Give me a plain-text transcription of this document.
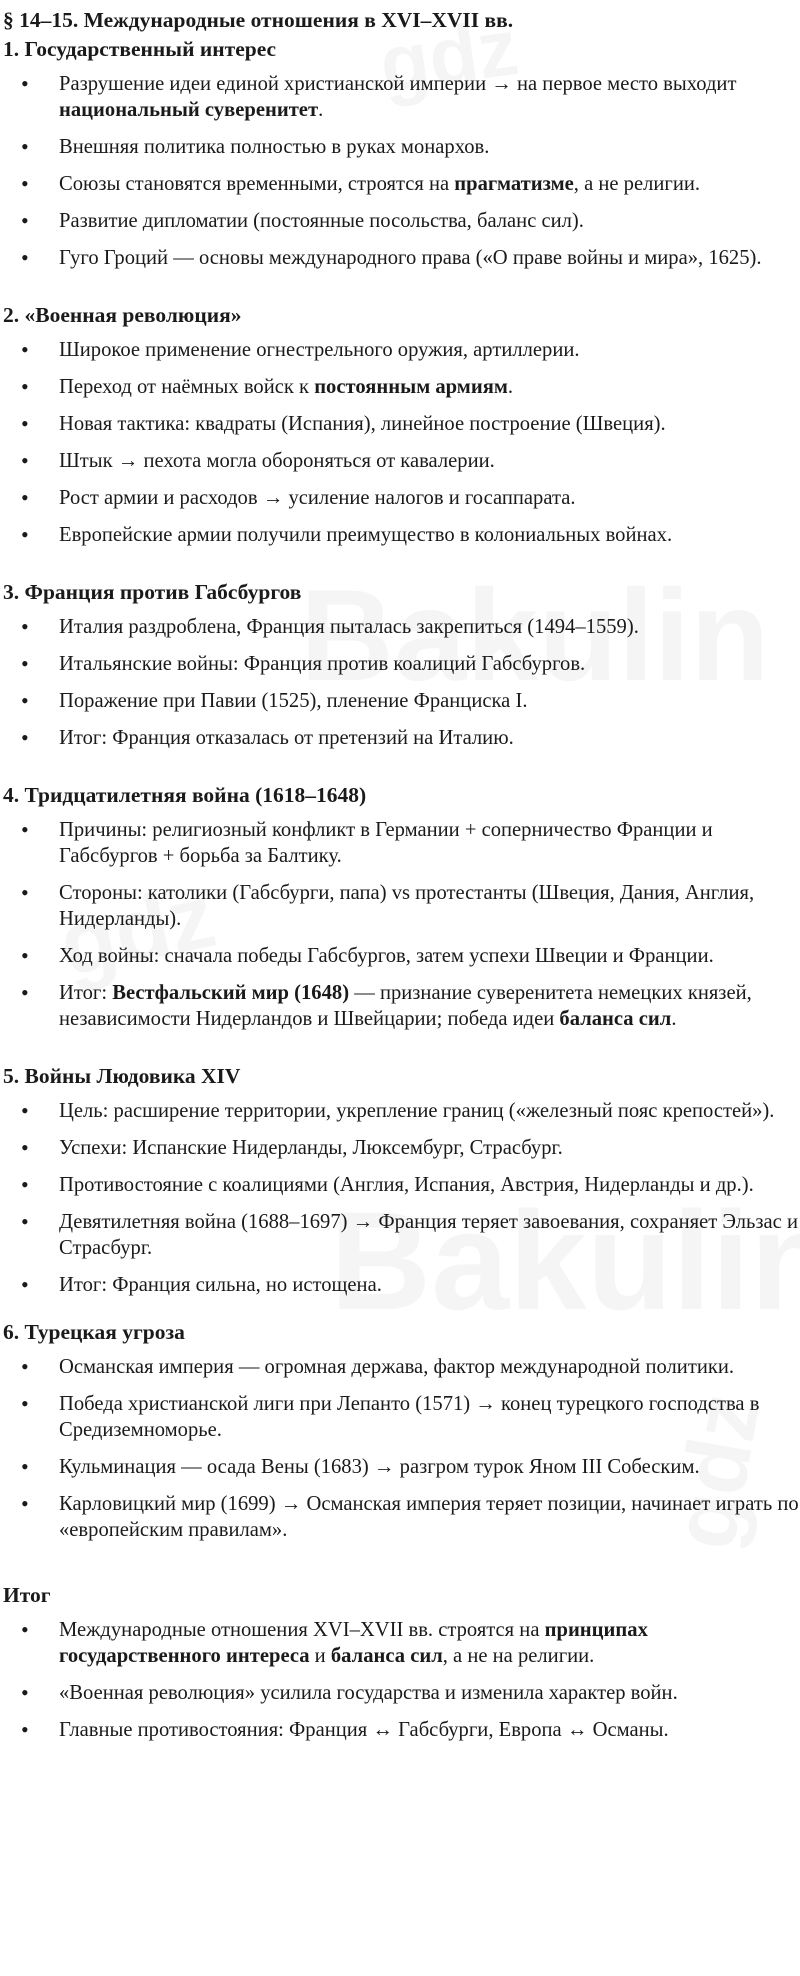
§ 14–15. Международные отношения в XVI–XVII вв.
1. Государственный интерес
• Разрушение идеи единой христианской империи → на первое место выходит национальный суверенитет.
• Внешняя политика полностью в руках монархов.
• Союзы становятся временными, строятся на прагматизме, а не религии.
• Развитие дипломатии (постоянные посольства, баланс сил).
• Гуго Гроций — основы международного права («О праве войны и мира», 1625).
2. «Военная революция»
• Широкое применение огнестрельного оружия, артиллерии.
• Переход от наёмных войск к постоянным армиям.
• Новая тактика: квадраты (Испания), линейное построение (Швеция).
• Штык → пехота могла обороняться от кавалерии.
• Рост армии и расходов → усиление налогов и госаппарата.
• Европейские армии получили преимущество в колониальных войнах.
3. Франция против Габсбургов
• Италия раздроблена, Франция пыталась закрепиться (1494–1559).
• Итальянские войны: Франция против коалиций Габсбургов.
• Поражение при Павии (1525), пленение Франциска I.
• Итог: Франция отказалась от претензий на Италию.
4. Тридцатилетняя война (1618–1648)
• Причины: религиозный конфликт в Германии + соперничество Франции и Габсбургов + борьба за Балтику.
• Стороны: католики (Габсбурги, папа) vs протестанты (Швеция, Дания, Англия, Нидерланды).
• Ход войны: сначала победы Габсбургов, затем успехи Швеции и Франции.
• Итог: Вестфальский мир (1648) — признание суверенитета немецких князей, независимости Нидерландов и Швейцарии; победа идеи баланса сил.
5. Войны Людовика XIV
• Цель: расширение территории, укрепление границ («железный пояс крепостей»).
• Успехи: Испанские Нидерланды, Люксембург, Страсбург.
• Противостояние с коалициями (Англия, Испания, Австрия, Нидерланды и др.).
• Девятилетняя война (1688–1697) → Франция теряет завоевания, сохраняет Эльзас и Страсбург.
• Итог: Франция сильна, но истощена.
6. Турецкая угроза
• Османская империя — огромная держава, фактор международной политики.
• Победа христианской лиги при Лепанто (1571) → конец турецкого господства в Средиземноморье.
• Кульминация — осада Вены (1683) → разгром турок Яном III Собеским.
• Карловицкий мир (1699) → Османская империя теряет позиции, начинает играть по «европейским правилам».
Итог
• Международные отношения XVI–XVII вв. строятся на принципах государственного интереса и баланса сил, а не на религии.
• «Военная революция» усилила государства и изменила характер войн.
• Главные противостояния: Франция ↔ Габсбурги, Европа ↔ Османы.
